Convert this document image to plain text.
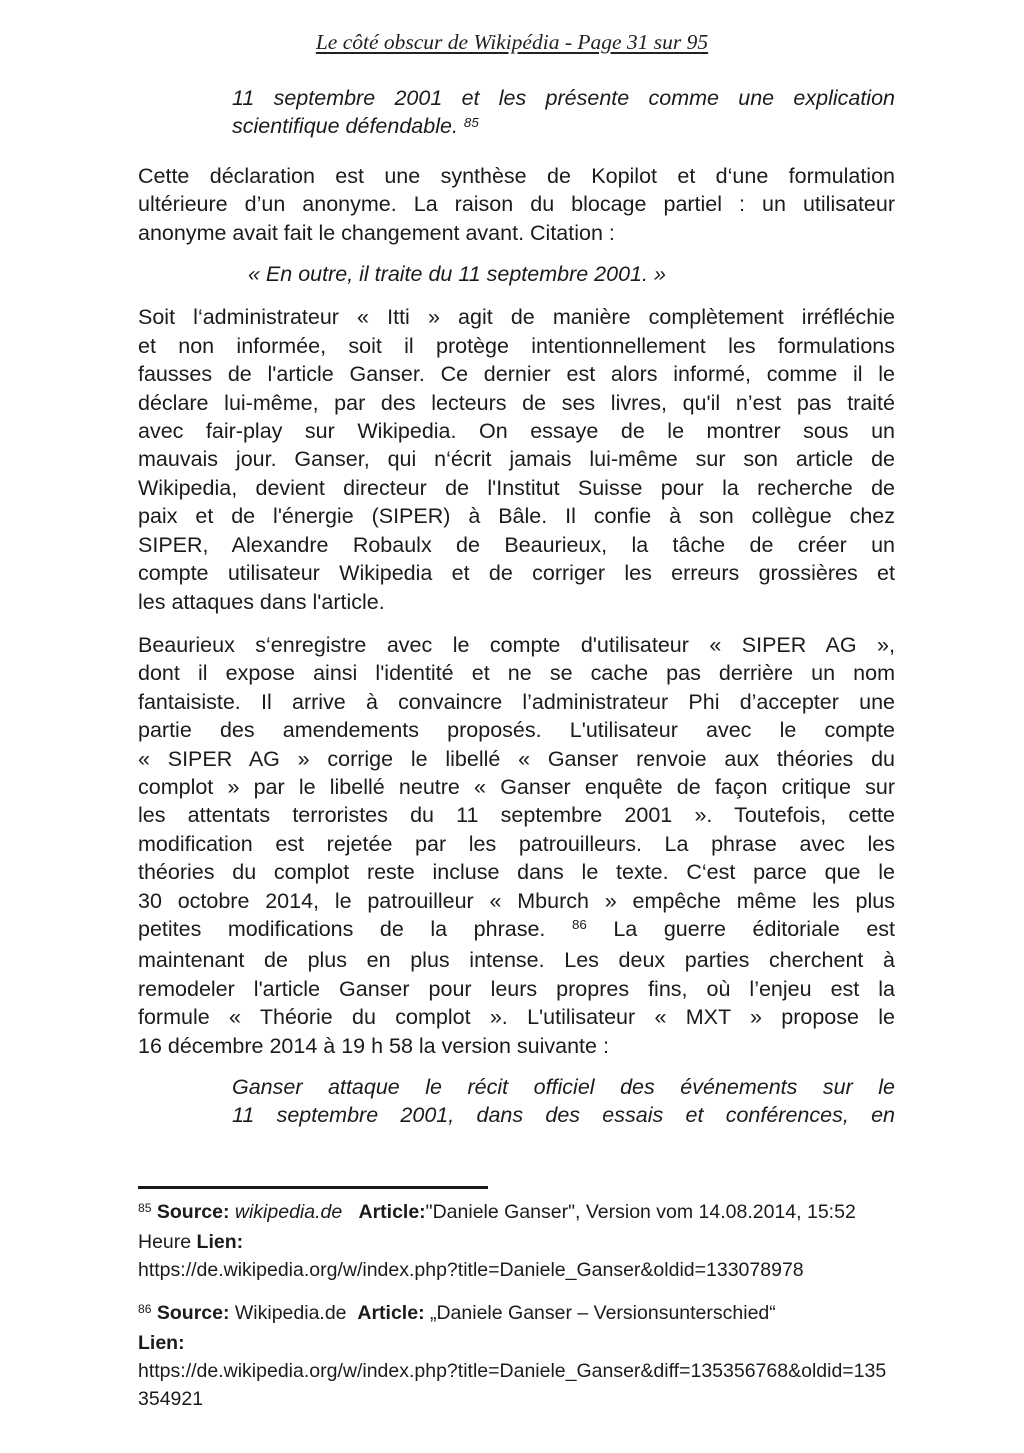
Le côté obscur de Wikipédia - Page 31 sur 95
11 septembre 2001 et les présente comme une explication
scientifique défendable. $^{85}$
Cette déclaration est une synthèse de Kopilot et d‘une formulation
ultérieure d’un anonyme. La raison du blocage partiel : un utilisateur
anonyme avait fait le changement avant. Citation :
« En outre, il traite du 11 septembre 2001. »
Soit l‘administrateur « Itti » agit de manière complètement irréfléchie
et non informée, soit il protège intentionnellement les formulations
fausses de l'article Ganser. Ce dernier est alors informé, comme il le
déclare lui-même, par des lecteurs de ses livres, qu'il n’est pas traité
avec fair-play sur Wikipedia. On essaye de le montrer sous un
mauvais jour. Ganser, qui n‘écrit jamais lui-même sur son article de
Wikipedia, devient directeur de l'Institut Suisse pour la recherche de
paix et de l'énergie (SIPER) à Bâle. Il confie à son collègue chez
SIPER, Alexandre Robaulx de Beaurieux, la tâche de créer un
compte utilisateur Wikipedia et de corriger les erreurs grossières et
les attaques dans l'article.
Beaurieux s‘enregistre avec le compte d'utilisateur « SIPER AG »,
dont il expose ainsi l'identité et ne se cache pas derrière un nom
fantaisiste. Il arrive à convaincre l’administrateur Phi d’accepter une
partie des amendements proposés. L'utilisateur avec le compte
« SIPER AG » corrige le libellé « Ganser renvoie aux théories du
complot » par le libellé neutre « Ganser enquête de façon critique sur
les attentats terroristes du 11 septembre 2001 ». Toutefois, cette
modification est rejetée par les patrouilleurs. La phrase avec les
théories du complot reste incluse dans le texte. C‘est parce que le
30 octobre 2014, le patrouilleur « Mburch » empêche même les plus
petites modifications de la phrase. $^{86}$ La guerre éditoriale est
maintenant de plus en plus intense. Les deux parties cherchent à
remodeler l'article Ganser pour leurs propres fins, où l’enjeu est la
formule « Théorie du complot ». L'utilisateur « MXT » propose le
16 décembre 2014 à 19 h 58 la version suivante :
Ganser attaque le récit officiel des événements sur le
11 septembre 2001, dans des essais et conférences, en
$^{85}$ Source: wikipedia.de Article:"Daniele Ganser", Version vom 14.08.2014, 15:52
Heure Lien:
https://de.wikipedia.org/w/index.php?title=Daniele_Ganser&oldid=133078978
$^{86}$ Source: Wikipedia.de Article: „Daniele Ganser – Versionsunterschied“
Lien:
https://de.wikipedia.org/w/index.php?title=Daniele_Ganser&diff=135356768&oldid=135
354921
